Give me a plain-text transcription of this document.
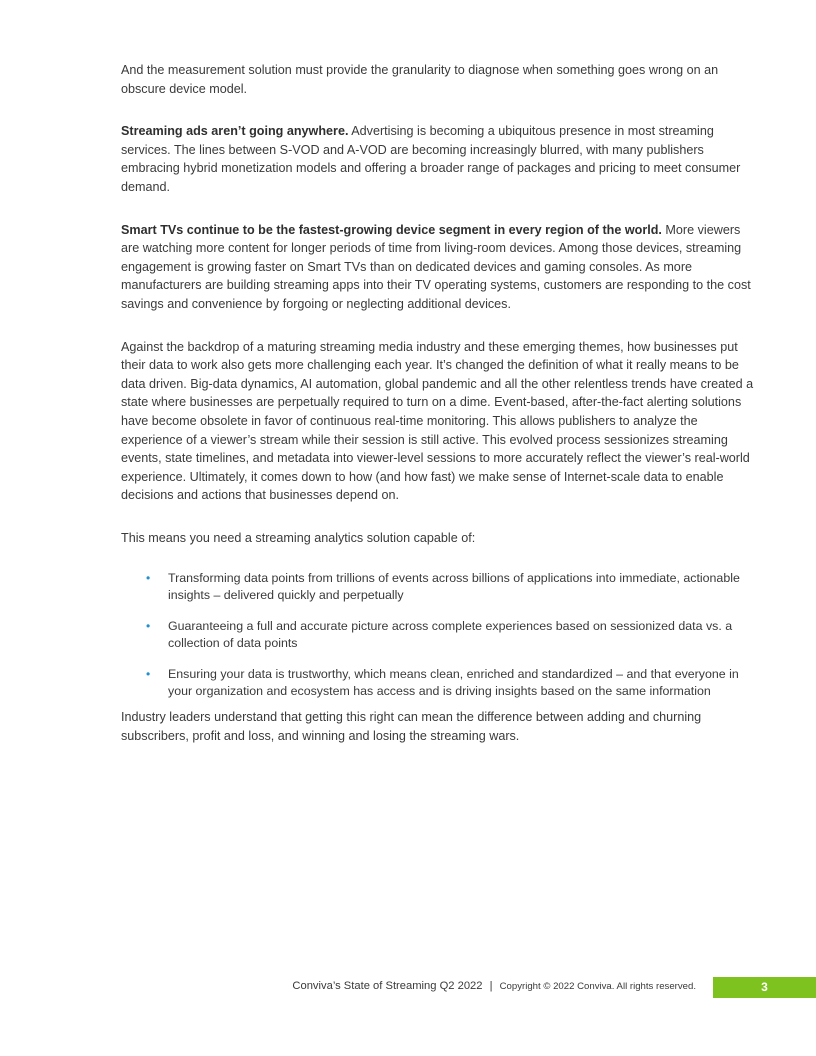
And the measurement solution must provide the granularity to diagnose when something goes wrong on an obscure device model.

Streaming ads aren’t going anywhere. Advertising is becoming a ubiquitous presence in most streaming services. The lines between S-VOD and A-VOD are becoming increasingly blurred, with many publishers embracing hybrid monetization models and offering a broader range of packages and pricing to meet consumer demand.

Smart TVs continue to be the fastest-growing device segment in every region of the world. More viewers are watching more content for longer periods of time from living-room devices. Among those devices, streaming engagement is growing faster on Smart TVs than on dedicated devices and gaming consoles. As more manufacturers are building streaming apps into their TV operating systems, customers are responding to the cost savings and convenience by forgoing or neglecting additional devices.

Against the backdrop of a maturing streaming media industry and these emerging themes, how businesses put their data to work also gets more challenging each year. It’s changed the definition of what it really means to be data driven. Big-data dynamics, AI automation, global pandemic and all the other relentless trends have created a state where businesses are perpetually required to turn on a dime. Event-based, after-the-fact alerting solutions have become obsolete in favor of continuous real-time monitoring. This allows publishers to analyze the experience of a viewer’s stream while their session is still active. This evolved process sessionizes streaming events, state timelines, and metadata into viewer-level sessions to more accurately reflect the viewer’s real-world experience. Ultimately, it comes down to how (and how fast) we make sense of Internet-scale data to enable decisions and actions that businesses depend on.

This means you need a streaming analytics solution capable of:

• Transforming data points from trillions of events across billions of applications into immediate, actionable insights – delivered quickly and perpetually
• Guaranteeing a full and accurate picture across complete experiences based on sessionized data vs. a collection of data points
• Ensuring your data is trustworthy, which means clean, enriched and standardized – and that everyone in your organization and ecosystem has access and is driving insights based on the same information

Industry leaders understand that getting this right can mean the difference between adding and churning subscribers, profit and loss, and winning and losing the streaming wars.

Conviva’s State of Streaming Q2 2022 | Copyright © 2022 Conviva. All rights reserved.	3
